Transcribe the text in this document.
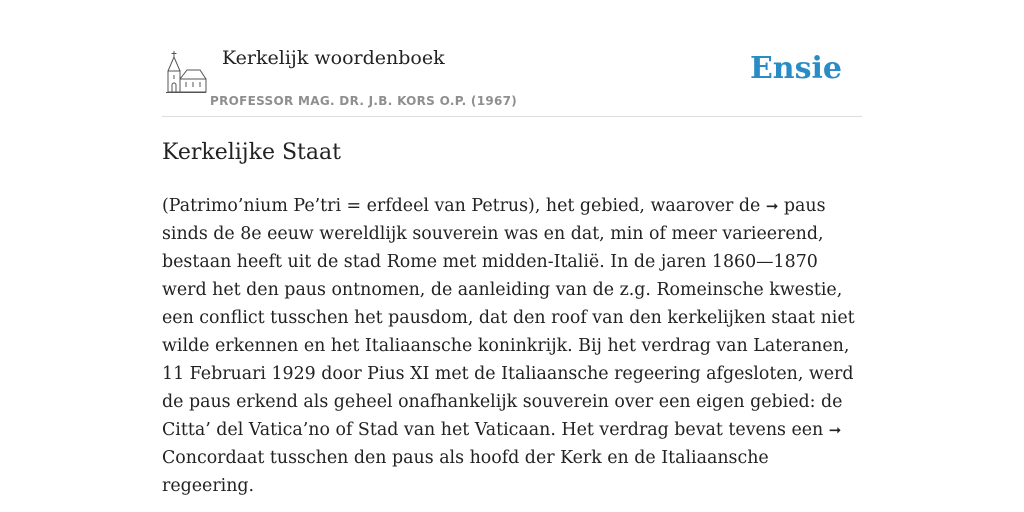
Kerkelijk woordenboek
PROFESSOR MAG. DR. J.B. KORS O.P. (1967)
Ensie
Kerkelijke Staat

(Patrimo’nium Pe’tri = erfdeel van Petrus), het gebied, waarover de ➞ paus sinds de 8e eeuw wereldlijk souverein was en dat, min of meer varieerend, bestaan heeft uit de stad Rome met midden-Italië. In de jaren 1860—1870 werd het den paus ontnomen, de aanleiding van de z.g. Romeinsche kwestie, een conflict tusschen het pausdom, dat den roof van den kerkelijken staat niet wilde erkennen en het Italiaansche koninkrijk. Bij het verdrag van Lateranen, 11 Februari 1929 door Pius XI met de Italiaansche regeering afgesloten, werd de paus erkend als geheel onafhankelijk souverein over een eigen gebied: de Citta’ del Vatica’no of Stad van het Vaticaan. Het verdrag bevat tevens een ➞ Concordaat tusschen den paus als hoofd der Kerk en de Italiaansche regeering.
